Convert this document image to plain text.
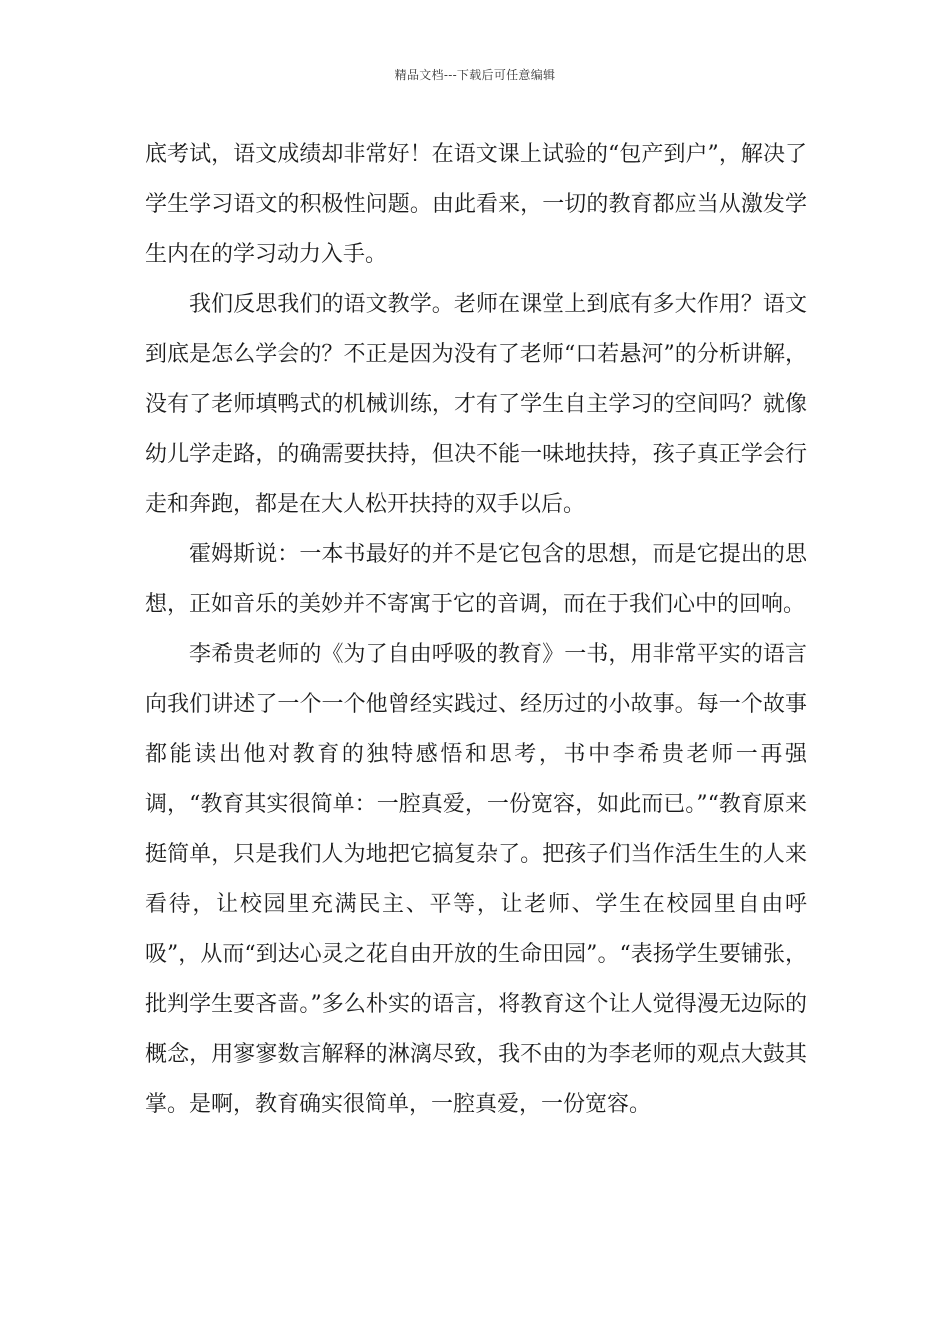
精品文档---下载后可任意编辑

底考试，语文成绩却非常好！在语文课上试验的“包产到户”，解决了学生学习语文的积极性问题。由此看来，一切的教育都应当从激发学生内在的学习动力入手。

我们反思我们的语文教学。老师在课堂上到底有多大作用？语文到底是怎么学会的？不正是因为没有了老师“口若悬河”的分析讲解，没有了老师填鸭式的机械训练，才有了学生自主学习的空间吗？就像幼儿学走路，的确需要扶持，但决不能一味地扶持，孩子真正学会行走和奔跑，都是在大人松开扶持的双手以后。

霍姆斯说：一本书最好的并不是它包含的思想，而是它提出的思想，正如音乐的美妙并不寄寓于它的音调，而在于我们心中的回响。

李希贵老师的《为了自由呼吸的教育》一书，用非常平实的语言向我们讲述了一个一个他曾经实践过、经历过的小故事。每一个故事都能读出他对教育的独特感悟和思考，书中李希贵老师一再强调，“教育其实很简单：一腔真爱，一份宽容，如此而已。”“教育原来挺简单，只是我们人为地把它搞复杂了。把孩子们当作活生生的人来看待，让校园里充满民主、平等，让老师、学生在校园里自由呼吸”，从而“到达心灵之花自由开放的生命田园”。“表扬学生要铺张，批判学生要吝啬。”多么朴实的语言，将教育这个让人觉得漫无边际的概念，用寥寥数言解释的淋漓尽致，我不由的为李老师的观点大鼓其掌。是啊，教育确实很简单，一腔真爱，一份宽容。
